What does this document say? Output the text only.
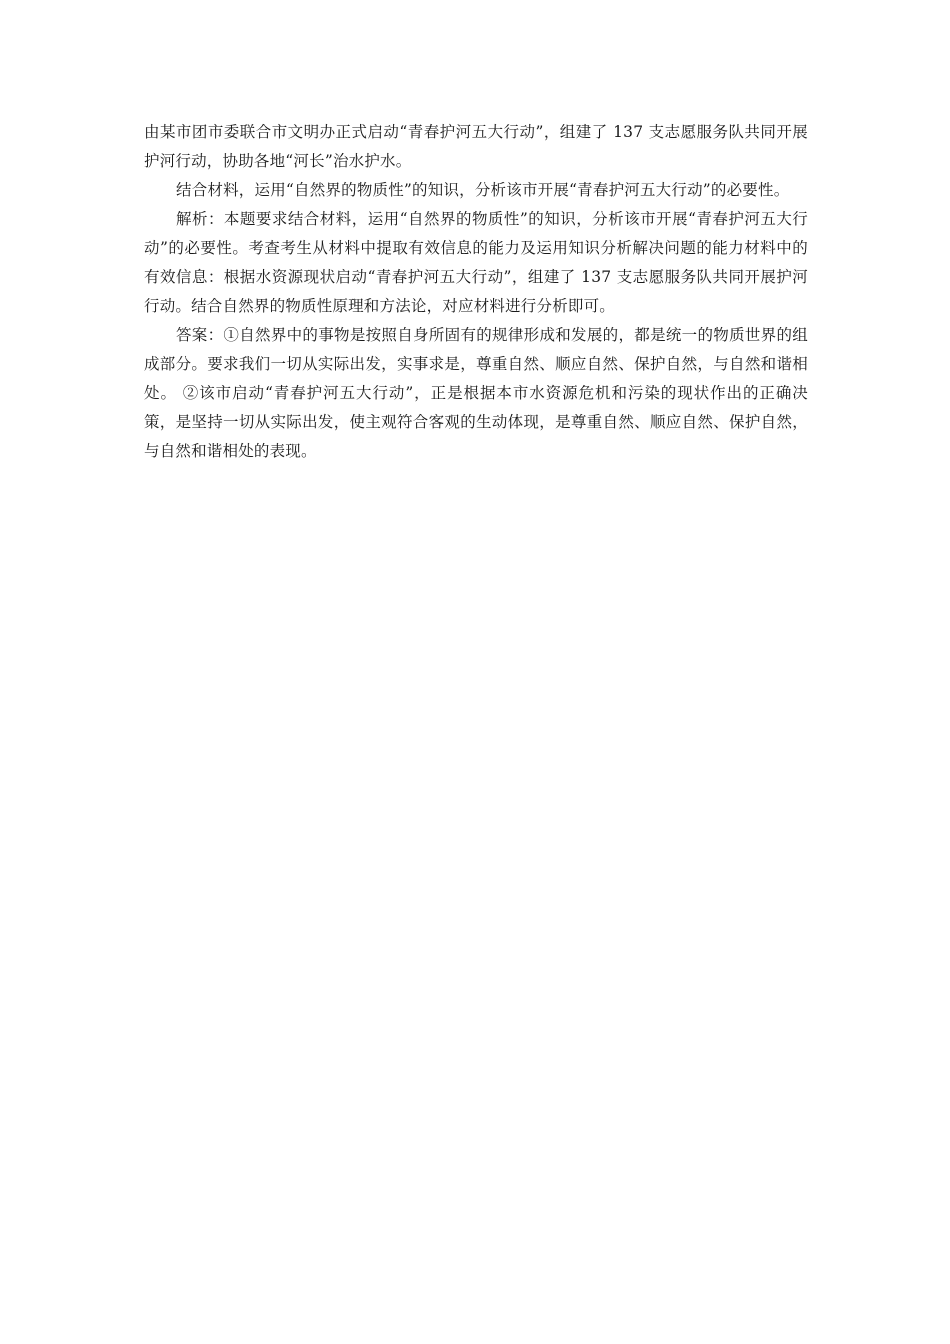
由某市团市委联合市文明办正式启动“青春护河五大行动”，组建了 137 支志愿服务队共同开展护河行动，协助各地“河长”治水护水。

结合材料，运用“自然界的物质性”的知识，分析该市开展“青春护河五大行动”的必要性。

解析：本题要求结合材料，运用“自然界的物质性”的知识，分析该市开展“青春护河五大行动”的必要性。考查考生从材料中提取有效信息的能力及运用知识分析解决问题的能力材料中的有效信息：根据水资源现状启动“青春护河五大行动”，组建了 137 支志愿服务队共同开展护河行动。结合自然界的物质性原理和方法论，对应材料进行分析即可。

答案：①自然界中的事物是按照自身所固有的规律形成和发展的，都是统一的物质世界的组成部分。要求我们一切从实际出发，实事求是，尊重自然、顺应自然、保护自然，与自然和谐相处。 ②该市启动“青春护河五大行动”，正是根据本市水资源危机和污染的现状作出的正确决策，是坚持一切从实际出发，使主观符合客观的生动体现，是尊重自然、顺应自然、保护自然，与自然和谐相处的表现。
